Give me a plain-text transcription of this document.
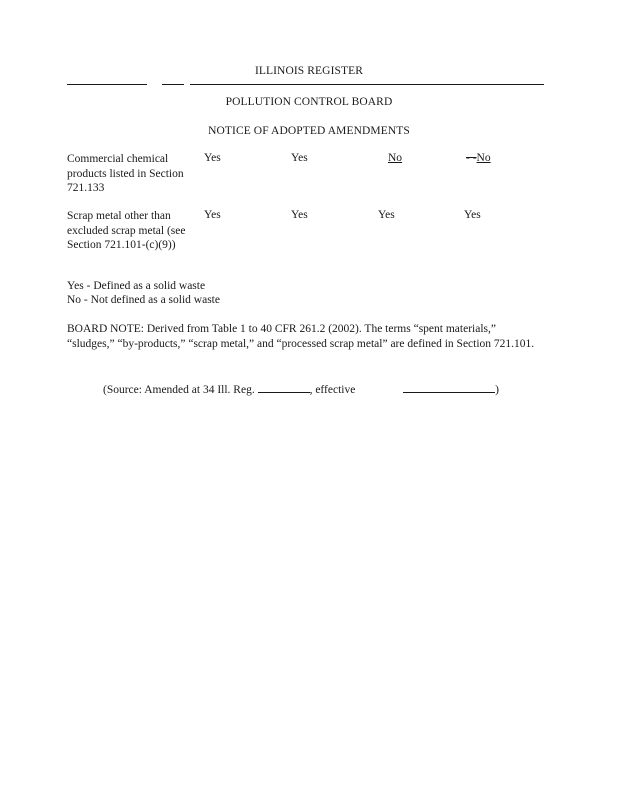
ILLINOIS REGISTER
POLLUTION CONTROL BOARD
NOTICE OF ADOPTED AMENDMENTS
Commercial chemical products listed in Section 721.133
Yes	Yes	No	- -No
Scrap metal other than excluded scrap metal (see Section 721.101-(c)(9))
Yes	Yes	Yes	Yes
Yes - Defined as a solid waste
No - Not defined as a solid waste
BOARD NOTE: Derived from Table 1 to 40 CFR 261.2 (2002). The terms “spent materials,” “sludges,” “by-products,” “scrap metal,” and “processed scrap metal” are defined in Section 721.101.
(Source: Amended at 34 Ill. Reg.	, effective	)
